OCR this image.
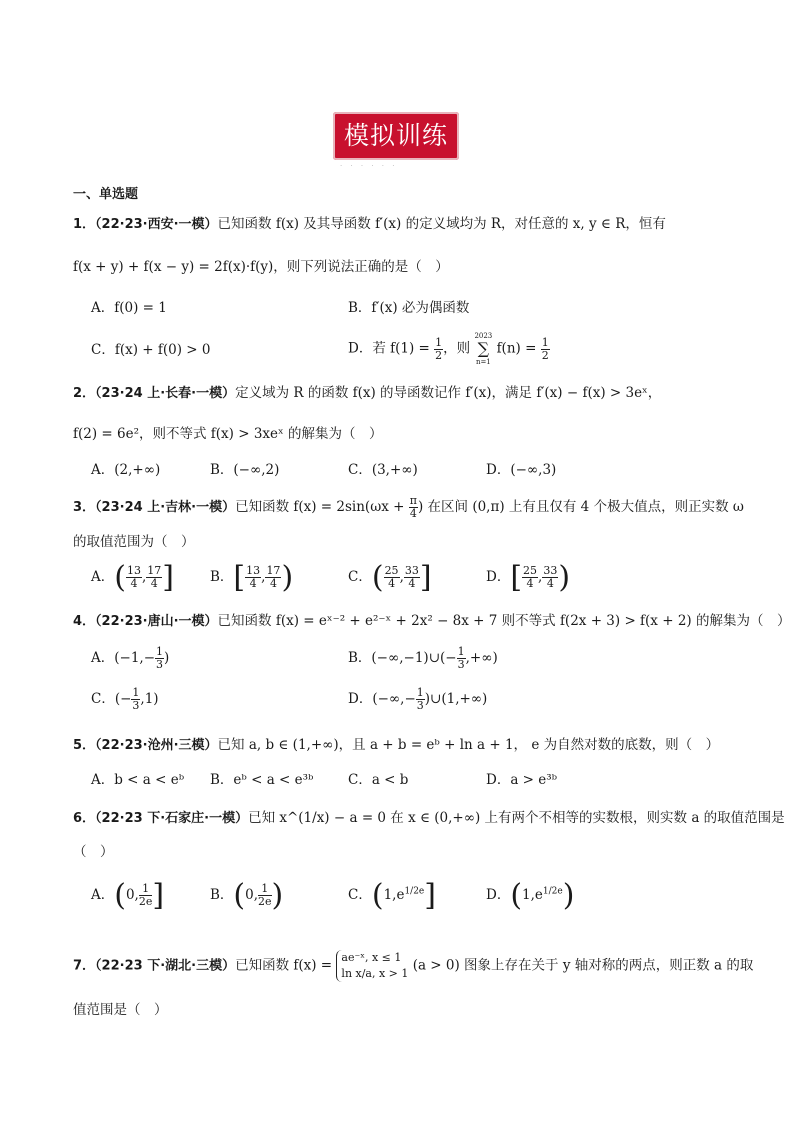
模拟训练
· · · · · ·
一、单选题
1．（22·23·西安·一模）已知函数 f(x) 及其导函数 f′(x) 的定义域均为 R，对任意的 x, y ∈ R，恒有
f(x + y) + f(x − y) = 2f(x)·f(y)，则下列说法正确的是（　）
A．f(0) = 1	B．f′(x) 必为偶函数
C．f(x) + f(0) > 0	D．若 $f(1) = \frac{1}{2}$ ，则
2023
∑
n=1
$f(n) = \frac{1}{2}$
2．（23·24 上·长春·一模）定义域为 R 的函数 f(x) 的导函数记作 f′(x)，满足 f′(x) − f(x) > 3eˣ，
f(2) = 6e²，则不等式 f(x) > 3xeˣ 的解集为（　）
A．(2,+∞)	B．(−∞,2)	C．(3,+∞)	D．(−∞,3)
3．（23·24 上·吉林·一模）已知函数 $f(x) = 2\sin(\omega x + \frac{\pi}{4}$ ) 在区间 (0,π) 上有且仅有 4 个极大值点，则正实数 ω
的取值范围为（　）
A．( $\frac{13}{4}$ , $\frac{17}{4}$ ]	B．[ $\frac{13}{4}$ , $\frac{17}{4}$ )	C．( $\frac{25}{4}$ , $\frac{33}{4}$ ]	D．[ $\frac{25}{4}$ , $\frac{33}{4}$ )
4．（22·23·唐山·一模）已知函数 f(x) = eˣ⁻² + e²⁻ˣ + 2x² − 8x + 7 则不等式 f(2x + 3) > f(x + 2) 的解集为（　）
A．($-1,- \frac{1}{3}$ )	B．(−∞,−1)∪(− $\frac{1}{3}$ ,+∞)
C．(− $\frac{1}{3} ,1$)	D．(−∞,− $\frac{1}{3}$ )∪(1,+∞)
5．（22·23·沧州·三模）已知 a, b ∈ (1,+∞)，且 a + b = eᵇ + ln a + 1， e 为自然对数的底数，则（　）
A．b < a < eᵇ B．eᵇ < a < e³ᵇ	C．a < b	D．a > e³ᵇ
6．（22·23 下·石家庄·一模）已知 x^(1/x) − a = 0 在 x ∈ (0,+∞) 上有两个不相等的实数根，则实数 a 的取值范围是
（　）
A．(0, $\frac{1}{2e}$ ]	B．(0, $\frac{1}{2e}$ )	C．$(1,e^{1/2e}]$	D．$(1,e^{1/2e})$
7．（22·23 下·湖北·三模）已知函数 f(x) = ae⁻ˣ, x ≤ 1
ln x/a, x > 1 (a > 0) 图象上存在关于 y 轴对称的两点，则正数 a 的取
值范围是（　）
